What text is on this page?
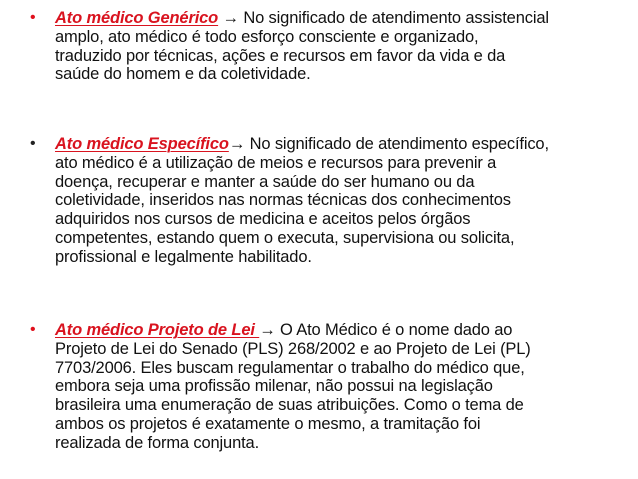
• Ato médico Genérico → No significado de atendimento assistencial
amplo, ato médico é todo esforço consciente e organizado,
traduzido por técnicas, ações e recursos em favor da vida e da
saúde do homem e da coletividade.
• Ato médico Específico→ No significado de atendimento específico,
ato médico é a utilização de meios e recursos para prevenir a
doença, recuperar e manter a saúde do ser humano ou da
coletividade, inseridos nas normas técnicas dos conhecimentos
adquiridos nos cursos de medicina e aceitos pelos órgãos
competentes, estando quem o executa, supervisiona ou solicita,
profissional e legalmente habilitado.
• Ato médico Projeto de Lei → O Ato Médico é o nome dado ao
Projeto de Lei do Senado (PLS) 268/2002 e ao Projeto de Lei (PL)
7703/2006. Eles buscam regulamentar o trabalho do médico que,
embora seja uma profissão milenar, não possui na legislação
brasileira uma enumeração de suas atribuições. Como o tema de
ambos os projetos é exatamente o mesmo, a tramitação foi
realizada de forma conjunta.
